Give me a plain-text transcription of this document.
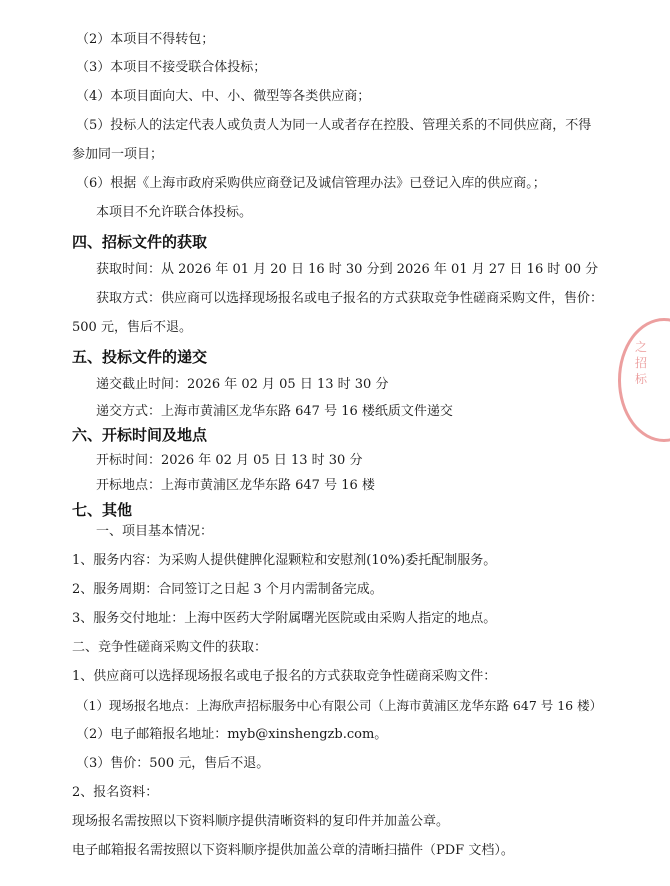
（2）本项目不得转包；
（3）本项目不接受联合体投标；
（4）本项目面向大、中、小、微型等各类供应商；
（5）投标人的法定代表人或负责人为同一人或者存在控股、管理关系的不同供应商，不得
参加同一项目；
（6）根据《上海市政府采购供应商登记及诚信管理办法》已登记入库的供应商。；
本项目不允许联合体投标。
四、招标文件的获取
获取时间：从 2026 年 01 月 20 日 16 时 30 分到 2026 年 01 月 27 日 16 时 00 分
获取方式：供应商可以选择现场报名或电子报名的方式获取竞争性磋商采购文件，售价：
500 元，售后不退。
五、投标文件的递交
递交截止时间：2026 年 02 月 05 日 13 时 30 分
递交方式：上海市黄浦区龙华东路 647 号 16 楼纸质文件递交
六、开标时间及地点
开标时间：2026 年 02 月 05 日 13 时 30 分
开标地点：上海市黄浦区龙华东路 647 号 16 楼
七、其他
一、项目基本情况：
1、服务内容：为采购人提供健脾化湿颗粒和安慰剂(10%)委托配制服务。
2、服务周期：合同签订之日起 3 个月内需制备完成。
3、服务交付地址：上海中医药大学附属曙光医院或由采购人指定的地点。
二、竞争性磋商采购文件的获取：
1、供应商可以选择现场报名或电子报名的方式获取竞争性磋商采购文件：
（1）现场报名地点：上海欣声招标服务中心有限公司（上海市黄浦区龙华东路 647 号 16 楼）
（2）电子邮箱报名地址：myb@xinshengzb.com。
（3）售价：500 元，售后不退。
2、报名资料：
现场报名需按照以下资料顺序提供清晰资料的复印件并加盖公章。
电子邮箱报名需按照以下资料顺序提供加盖公章的清晰扫描件（PDF 文档）。
之招标
